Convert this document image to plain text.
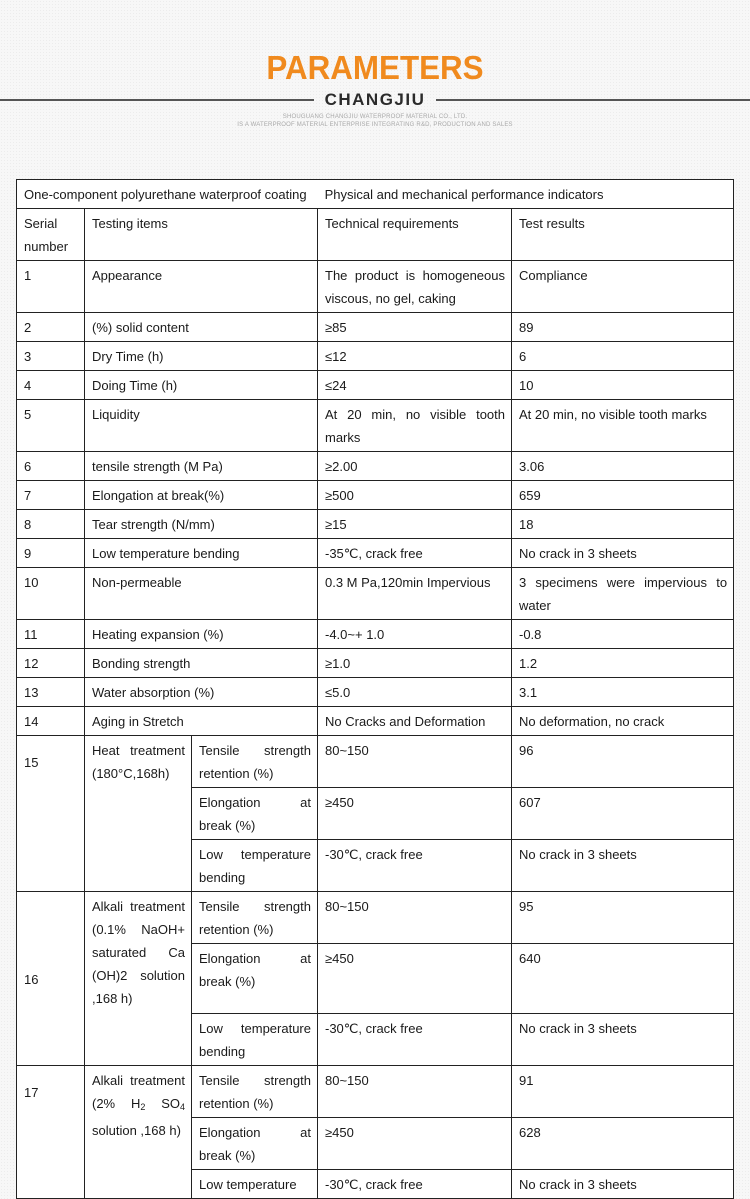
PARAMETERS
CHANGJIU
SHOUGUANG CHANGJIU WATERPROOF MATERIAL CO., LTD.
IS A WATERPROOF MATERIAL ENTERPRISE INTEGRATING R&D, PRODUCTION AND SALES
One-component polyurethane waterproof coating Physical and mechanical performance indicators				
Serial number	Testing items		Technical requirements	Test results
1	Appearance		The product is homogeneous viscous, no gel, caking	Compliance
2	(%) solid content		≥85	89
3	Dry Time (h)		≤12	6
4	Doing Time (h)		≤24	10
5	Liquidity		At 20 min, no visible tooth marks	At 20 min, no visible tooth marks
6	tensile strength (M Pa)		≥2.00	3.06
7	Elongation at break(%)		≥500	659
8	Tear strength (N/mm)		≥15	18
9	Low temperature bending		-35℃, crack free	No crack in 3 sheets
10	Non-permeable		0.3 M Pa,120min Impervious	3 specimens were impervious to water
11	Heating expansion (%)		-4.0~+ 1.0	-0.8
12	Bonding strength		≥1.0	1.2
13	Water absorption (%)		≤5.0	3.1
14	Aging in Stretch		No Cracks and Deformation	No deformation, no crack
15	Heat treatment (180°C,168h)	Tensile strength retention (%)	80~150	96
		Elongation at break (%)	≥450	607
		Low temperature bending	-30℃, crack free	No crack in 3 sheets
16	Alkali treatment (0.1% NaOH+ saturated Ca (OH)2 solution ,168 h)	Tensile strength retention (%)	80~150	95
		Elongation at break (%)	≥450	640
		Low temperature bending	-30℃, crack free	No crack in 3 sheets
17	Alkali treatment (2% $H_2$ $SO_4$ solution ,168 h)	Tensile strength retention (%)	80~150	91
		Elongation at break (%)	≥450	628
		Low temperature	-30℃, crack free	No crack in 3 sheets
